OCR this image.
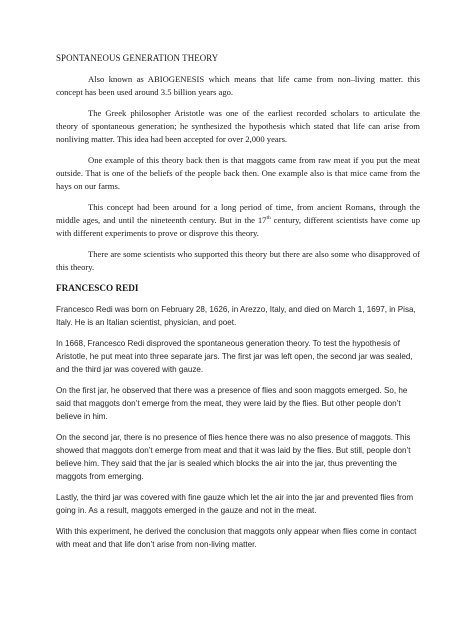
SPONTANEOUS GENERATION THEORY

Also known as ABIOGENESIS which means that life came from non–living matter. this concept has been used around 3.5 billion years ago.

The Greek philosopher Aristotle was one of the earliest recorded scholars to articulate the theory of spontaneous generation; he synthesized the hypothesis which stated that life can arise from nonliving matter. This idea had been accepted for over 2,000 years.

One example of this theory back then is that maggots came from raw meat if you put the meat outside. That is one of the beliefs of the people back then. One example also is that mice came from the hays on our farms.

This concept had been around for a long period of time, from ancient Romans, through the middle ages, and until the nineteenth century. But in the 17th century, different scientists have come up with different experiments to prove or disprove this theory.

There are some scientists who supported this theory but there are also some who disapproved of this theory.

FRANCESCO REDI

Francesco Redi was born on February 28, 1626, in Arezzo, Italy, and died on March 1, 1697, in Pisa, Italy. He is an Italian scientist, physician, and poet.

In 1668, Francesco Redi disproved the spontaneous generation theory. To test the hypothesis of Aristotle, he put meat into three separate jars. The first jar was left open, the second jar was sealed, and the third jar was covered with gauze.

On the first jar, he observed that there was a presence of flies and soon maggots emerged. So, he said that maggots don’t emerge from the meat, they were laid by the flies. But other people don’t believe in him.

On the second jar, there is no presence of flies hence there was no also presence of maggots. This showed that maggots don’t emerge from meat and that it was laid by the flies. But still, people don’t believe him. They said that the jar is sealed which blocks the air into the jar, thus preventing the maggots from emerging.

Lastly, the third jar was covered with fine gauze which let the air into the jar and prevented flies from going in. As a result, maggots emerged in the gauze and not in the meat.

With this experiment, he derived the conclusion that maggots only appear when flies come in contact with meat and that life don’t arise from non-living matter.
